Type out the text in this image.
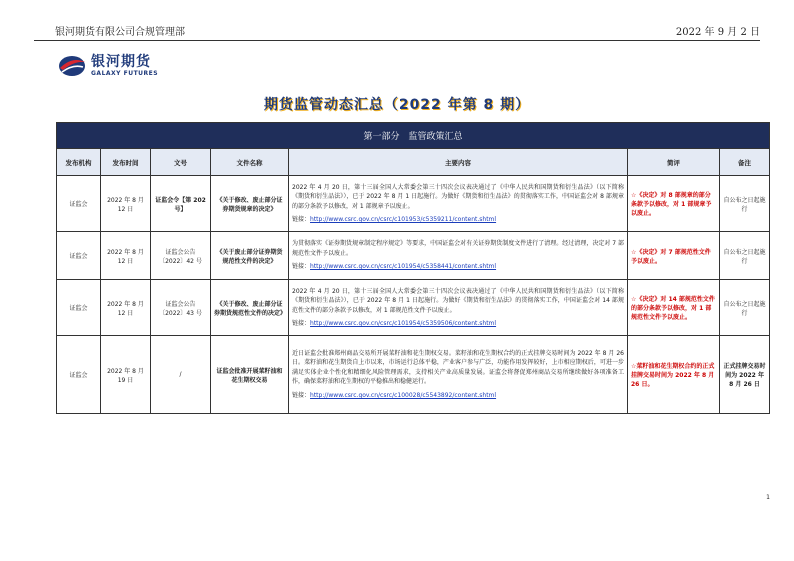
银河期货有限公司合规管理部	2022 年 9 月 2 日
银河期货
GALAXY FUTURES
期货监管动态汇总（2022 年第 8 期）
第一部分　监管政策汇总						
发布机构	发布时间	文号	文件名称	主要内容	简评	备注
证监会	2022 年 8 月 12 日	证监会令【第 202 号】	《关于修改、废止部分证券期货规章的决定》	2022 年 4 月 20 日，第十三届全国人大常委会第三十四次会议表决通过了《中华人民共和国期货和衍生品法》（以下简称《期货和衍生品法》），已于 2022 年 8 月 1 日起施行。为做好《期货和衍生品法》的贯彻落实工作，中国证监会对 8 部规章的部分条款予以修改，对 1 部规章予以废止。

链接：http://www.csrc.gov.cn/csrc/c101953/c5359211/content.shtml	☆《决定》对 8 部规章的部分条款予以修改，对 1 部规章予以废止。	自公布之日起施行
证监会	2022 年 8 月 12 日	证监会公告〔2022〕42 号	《关于废止部分证券期货规范性文件的决定》	为贯彻落实《证券期货规章制定程序规定》等要求，中国证监会对有关证券期货制度文件进行了清理。经过清理，决定对 7 部规范性文件予以废止。

链接：http://www.csrc.gov.cn/csrc/c101954/c5358441/content.shtml	☆《决定》对 7 部规范性文件予以废止。	自公布之日起施行
证监会	2022 年 8 月 12 日	证监会公告〔2022〕43 号	《关于修改、废止部分证券期货规范性文件的决定》	2022 年 4 月 20 日，第十三届全国人大常委会第三十四次会议表决通过了《中华人民共和国期货和衍生品法》（以下简称《期货和衍生品法》），已于 2022 年 8 月 1 日起施行。为做好《期货和衍生品法》的贯彻落实工作，中国证监会对 14 部规范性文件的部分条款予以修改，对 1 部规范性文件予以废止。

链接：http://www.csrc.gov.cn/csrc/c101954/c5359506/content.shtml	☆《决定》对 14 部规范性文件的部分条款予以修改，对 1 部规范性文件予以废止。	自公布之日起施行
证监会	2022 年 8 月 19 日	/	证监会批准开展菜籽油和花生期权交易	近日证监会批准郑州商品交易所开展菜籽油和花生期权交易。菜籽油和花生期权合约的正式挂牌交易时间为 2022 年 8 月 26 日。菜籽油和花生期货自上市以来，市场运行总体平稳，产业客户参与广泛，功能作用发挥较好，上市相应期权后，可进一步满足实体企业个性化和精细化风险管理需求，支持相关产业高质量发展。证监会将督促郑州商品交易所继续做好各项准备工作，确保菜籽油和花生期权的平稳推出和稳健运行。

链接：http://www.csrc.gov.cn/csrc/c100028/c5543892/content.shtml	☆菜籽油和花生期权合约的正式挂牌交易时间为 2022 年 8 月 26 日。	正式挂牌交易时间为 2022 年 8 月 26 日
1
